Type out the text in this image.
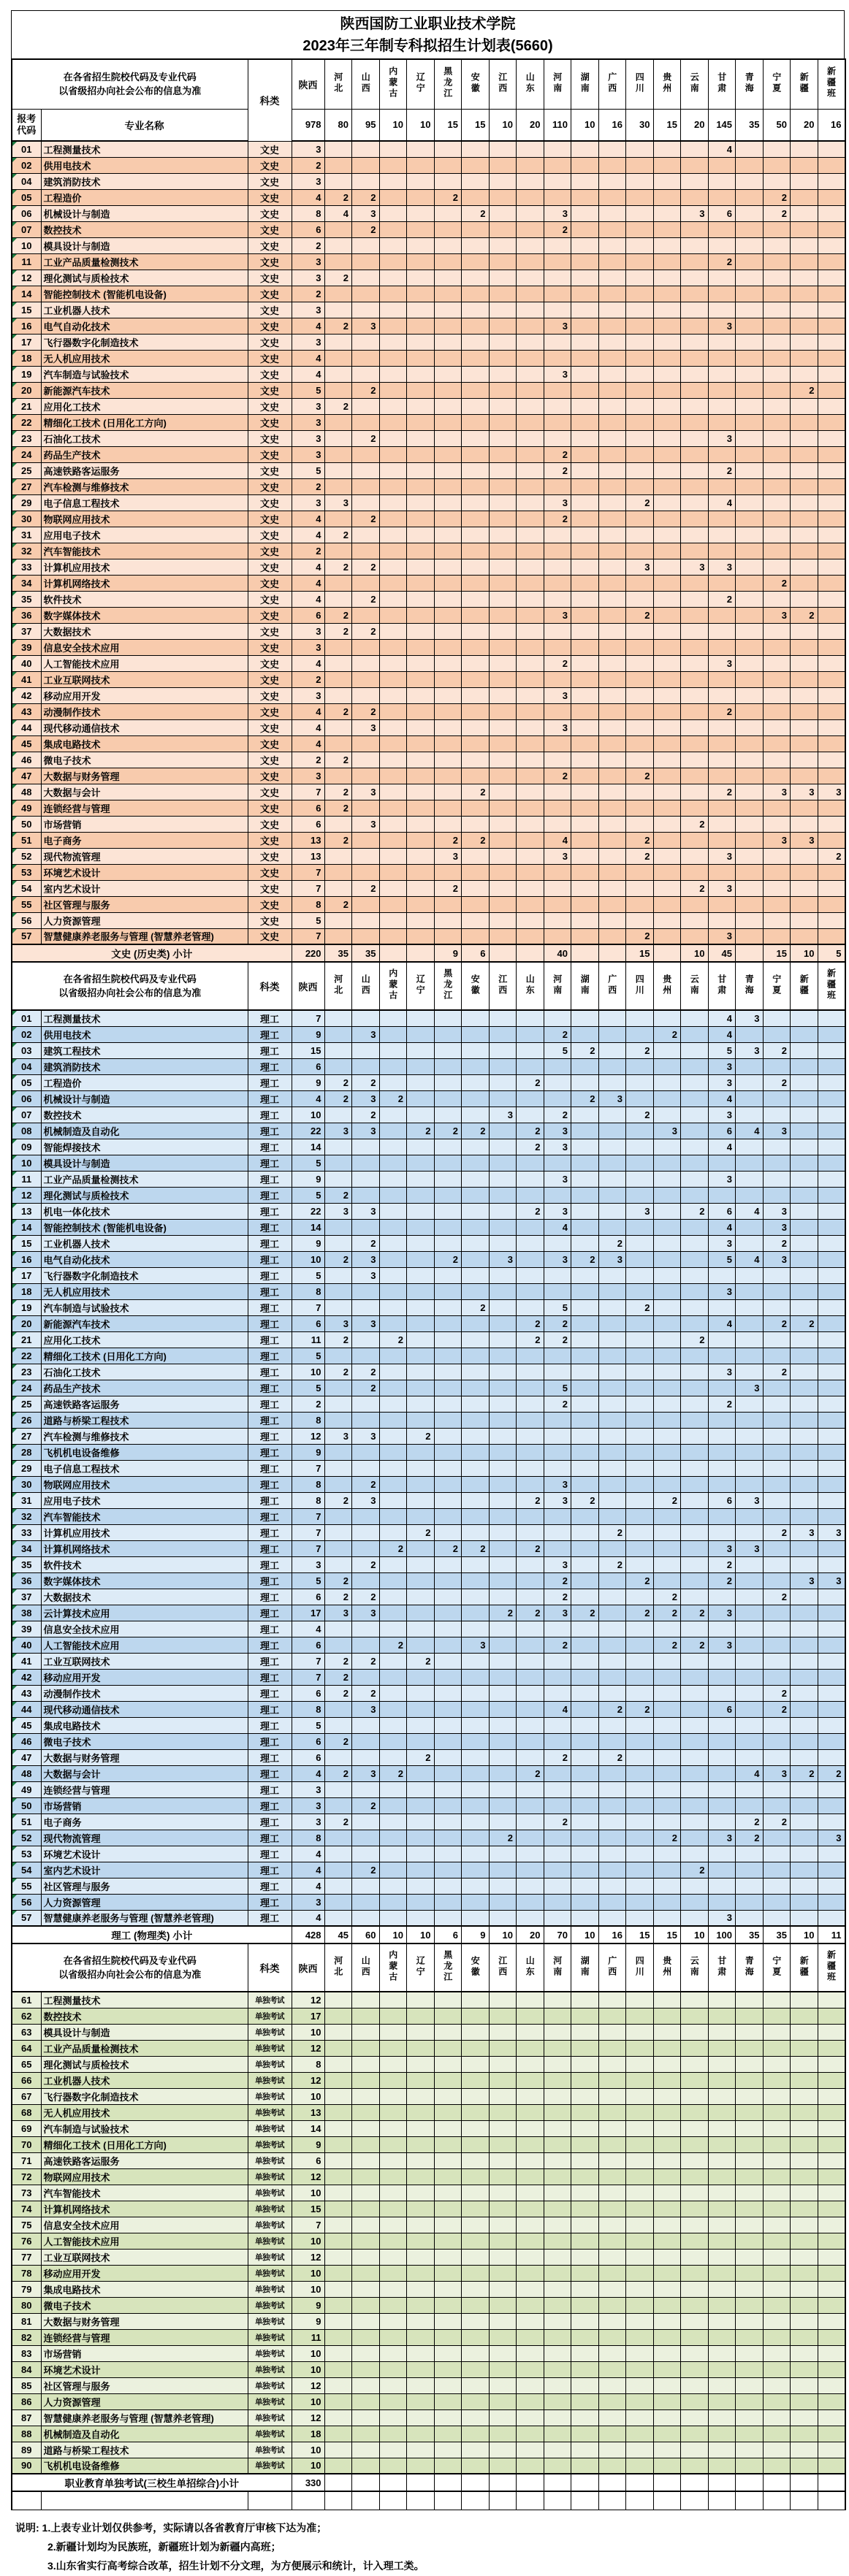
陕西国防工业职业技术学院
2023年三年制专科拟招生计划表(5660)
在各省招生院校代码及专业代码
以省级招办向社会公布的信息为准		科类	陕西	河北	山西	内蒙古	辽宁	黑龙江	安徽	江西	山东	河南	湖南	广西	四川	贵州	云南	甘肃	青海	宁夏	新疆	新疆班

报考
代码	专业名称		978	80	95	10	10	15	15	10	20	110	10	16	30	15	20	145	35	50	20	16
01	工程测量技术	文史	3															4				
02	供用电技术	文史	2																			
04	建筑消防技术	文史	3																			
05	工程造价	文史	4	2	2			2												2		
06	机械设计与制造	文史	8	4	3				2			3					3	6		2		
07	数控技术	文史	6		2							2										
10	模具设计与制造	文史	2																			
11	工业产品质量检测技术	文史	3															2				
12	理化测试与质检技术	文史	3	2																		
14	智能控制技术 (智能机电设备)	文史	2																			
15	工业机器人技术	文史	3																			
16	电气自动化技术	文史	4	2	3							3						3				
17	飞行器数字化制造技术	文史	3																			
18	无人机应用技术	文史	4																			
19	汽车制造与试验技术	文史	4									3										
20	新能源汽车技术	文史	5		2																2	
21	应用化工技术	文史	3	2																		
22	精细化工技术 (日用化工方向)	文史	3																			
23	石油化工技术	文史	3		2													3				
24	药品生产技术	文史	3									2										
25	高速铁路客运服务	文史	5									2						2				
27	汽车检测与维修技术	文史	2																			
29	电子信息工程技术	文史	3	3								3			2			4				
30	物联网应用技术	文史	4		2							2										
31	应用电子技术	文史	4	2																		
32	汽车智能技术	文史	2																			
33	计算机应用技术	文史	4	2	2										3		3	3				
34	计算机网络技术	文史	4																	2		
35	软件技术	文史	4		2													2				
36	数字媒体技术	文史	6	2								3			2					3	2	
37	大数据技术	文史	3	2	2																	
39	信息安全技术应用	文史	3																			
40	人工智能技术应用	文史	4									2						3				
41	工业互联网技术	文史	2																			
42	移动应用开发	文史	3									3										
43	动漫制作技术	文史	4	2	2													2				
44	现代移动通信技术	文史	4		3							3										
45	集成电路技术	文史	4																			
46	微电子技术	文史	2	2																		
47	大数据与财务管理	文史	3									2			2							
48	大数据与会计	文史	7	2	3				2									2		3	3	3
49	连锁经营与管理	文史	6	2																		
50	市场营销	文史	6		3												2					
51	电子商务	文史	13	2				2	2			4			2					3	3	
52	现代物流管理	文史	13					3				3			2			3				2
53	环境艺术设计	文史	7																			
54	室内艺术设计	文史	7		2			2									2	3				
55	社区管理与服务	文史	8	2																		
56	人力资源管理	文史	5																			
57	智慧健康养老服务与管理 (智慧养老管理)	文史	7												2			3				
文史 (历史类) 小计			220	35	35			9	6			40			15		10	45		15	10	5

在各省招生院校代码及专业代码
以省级招办向社会公布的信息为准		科类	陕西	河北	山西	内蒙古	辽宁	黑龙江	安徽	江西	山东	河南	湖南	广西	四川	贵州	云南	甘肃	青海	宁夏	新疆	新疆班
01	工程测量技术	理工	7															4	3			
02	供用电技术	理工	9		3							2				2		4				
03	建筑工程技术	理工	15									5	2		2			5	3	2		
04	建筑消防技术	理工	6															3				
05	工程造价	理工	9	2	2						2							3		2		
06	机械设计与制造	理工	4	2	3	2							2	3				4				
07	数控技术	理工	10		2					3		2			2			3				
08	机械制造及自动化	理工	22	3	3		2	2	2		2	3				3		6	4	3		
09	智能焊接技术	理工	14								2	3						4				
10	模具设计与制造	理工	5																			
11	工业产品质量检测技术	理工	9									3						3				
12	理化测试与质检技术	理工	5	2																		
13	机电一体化技术	理工	22	3	3						2	3			3		2	6	4	3		
14	智能控制技术 (智能机电设备)	理工	14									4						4		3		
15	工业机器人技术	理工	9		2									2				3		2		
16	电气自动化技术	理工	10	2	3			2		3		3	2	3				5	4	3		
17	飞行器数字化制造技术	理工	5		3																	
18	无人机应用技术	理工	8															3				
19	汽车制造与试验技术	理工	7						2			5			2							
20	新能源汽车技术	理工	6	3	3						2	2						4		2	2	
21	应用化工技术	理工	11	2		2					2	2					2					
22	精细化工技术 (日用化工方向)	理工	5																			
23	石油化工技术	理工	10	2	2													3		2		
24	药品生产技术	理工	5		2							5							3			
25	高速铁路客运服务	理工	2									2						2				
26	道路与桥梁工程技术	理工	8																			
27	汽车检测与维修技术	理工	12	3	3		2															
28	飞机机电设备维修	理工	9																			
29	电子信息工程技术	理工	7																			
30	物联网应用技术	理工	8		2							3										
31	应用电子技术	理工	8	2	3						2	3	2			2		6	3			
32	汽车智能技术	理工	7																			
33	计算机应用技术	理工	7				2							2						2	3	3
34	计算机网络技术	理工	7			2		2	2		2							3	3			
35	软件技术	理工	3		2							3		2				2				
36	数字媒体技术	理工	5	2								2			2			2			3	3
37	大数据技术	理工	6	2	2							2				2				2		
38	云计算技术应用	理工	17	3	3					2	2	3	2		2	2	2	3				
39	信息安全技术应用	理工	4																			
40	人工智能技术应用	理工	6			2			3			2				2	2	3				
41	工业互联网技术	理工	7	2	2		2															
42	移动应用开发	理工	7	2																		
43	动漫制作技术	理工	6	2	2															2		
44	现代移动通信技术	理工	8		3							4		2	2			6		2		
45	集成电路技术	理工	5																			
46	微电子技术	理工	6	2																		
47	大数据与财务管理	理工	6				2					2		2								
48	大数据与会计	理工	4	2	3	2					2								4	3	2	2
49	连锁经营与管理	理工	3																			
50	市场营销	理工	3		2																	
51	电子商务	理工	3	2								2							2	2		
52	现代物流管理	理工	8							2						2		3	2			3
53	环境艺术设计	理工	4																			
54	室内艺术设计	理工	4		2												2					
55	社区管理与服务	理工	4																			
56	人力资源管理	理工	3																			
57	智慧健康养老服务与管理 (智慧养老管理)	理工	4															3				
理工 (物理类) 小计			428	45	60	10	10	6	9	10	20	70	10	16	15	15	10	100	35	35	10	11

在各省招生院校代码及专业代码
以省级招办向社会公布的信息为准		科类	陕西	河北	山西	内蒙古	辽宁	黑龙江	安徽	江西	山东	河南	湖南	广西	四川	贵州	云南	甘肃	青海	宁夏	新疆	新疆班
61	工程测量技术	单独考试	12																			
62	数控技术	单独考试	17																			
63	模具设计与制造	单独考试	10																			
64	工业产品质量检测技术	单独考试	12																			
65	理化测试与质检技术	单独考试	8																			
66	工业机器人技术	单独考试	12																			
67	飞行器数字化制造技术	单独考试	10																			
68	无人机应用技术	单独考试	13																			
69	汽车制造与试验技术	单独考试	14																			
70	精细化工技术 (日用化工方向)	单独考试	9																			
71	高速铁路客运服务	单独考试	6																			
72	物联网应用技术	单独考试	12																			
73	汽车智能技术	单独考试	10																			
74	计算机网络技术	单独考试	15																			
75	信息安全技术应用	单独考试	7																			
76	人工智能技术应用	单独考试	10																			
77	工业互联网技术	单独考试	12																			
78	移动应用开发	单独考试	10																			
79	集成电路技术	单独考试	10																			
80	微电子技术	单独考试	9																			
81	大数据与财务管理	单独考试	9																			
82	连锁经营与管理	单独考试	11																			
83	市场营销	单独考试	10																			
84	环境艺术设计	单独考试	10																			
85	社区管理与服务	单独考试	12																			
86	人力资源管理	单独考试	10																			
87	智慧健康养老服务与管理 (智慧养老管理)	单独考试	12																			
88	机械制造及自动化	单独考试	18																			
89	道路与桥梁工程技术	单独考试	10																			
90	飞机机电设备维修	单独考试	10																			
职业教育单独考试(三校生单招综合)小计			330																			

说明: 1.上表专业计划仅供参考，实际请以各省教育厅审核下达为准；
2.新疆计划均为民族班，新疆班计划为新疆内高班；
3.山东省实行高考综合改革，招生计划不分文理，为方便展示和统计，计入理工类。
